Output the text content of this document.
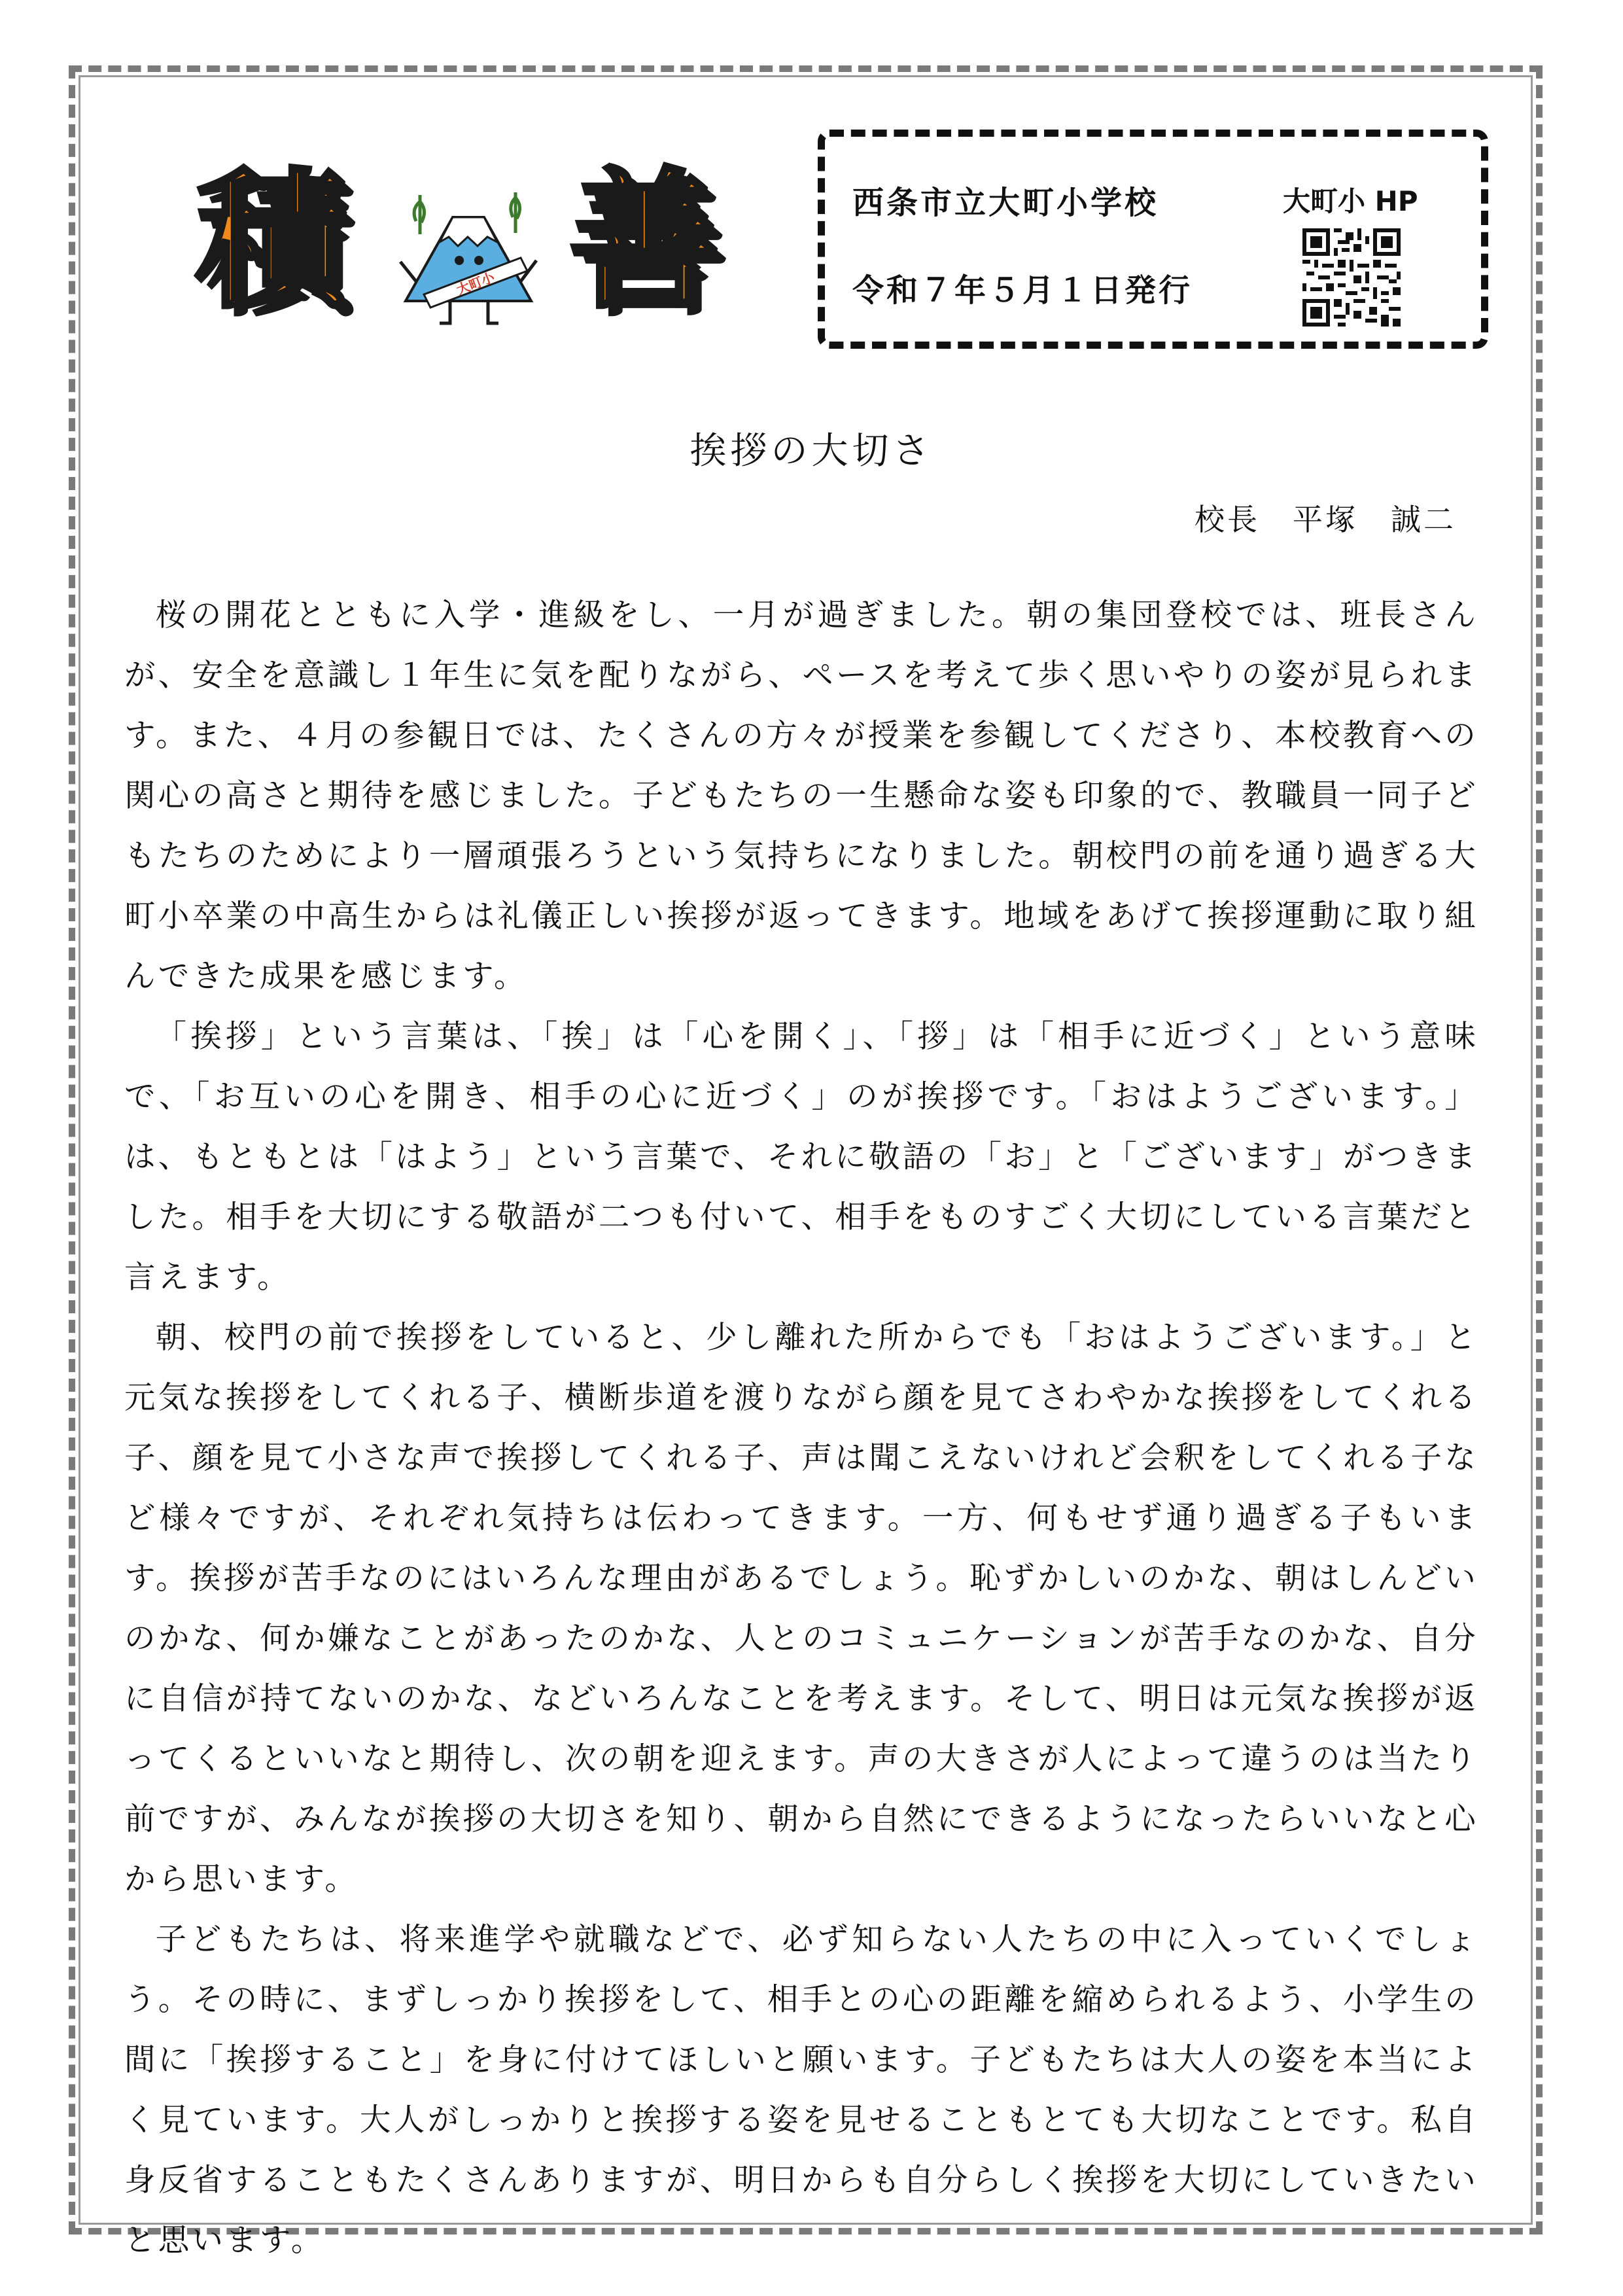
積	大町小 善	西条市立大町小学校
令和７年５月１日発行
大町小 HP
挨拶の大切さ
校長　平塚　誠二

桜の開花とともに入学・進級をし、一月が過ぎました。朝の集団登校では、班長さんが、安全を意識し１年生に気を配りながら、ペースを考えて歩く思いやりの姿が見られます。また、４月の参観日では、たくさんの方々が授業を参観してくださり、本校教育への関心の高さと期待を感じました。子どもたちの一生懸命な姿も印象的で、教職員一同子どもたちのためにより一層頑張ろうという気持ちになりました。朝校門の前を通り過ぎる大町小卒業の中高生からは礼儀正しい挨拶が返ってきます。地域をあげて挨拶運動に取り組んできた成果を感じます。

「挨拶」という言葉は、「挨」は「心を開く」、「拶」は「相手に近づく」という意味で、「お互いの心を開き、相手の心に近づく」のが挨拶です。「おはようございます。」は、もともとは「はよう」という言葉で、それに敬語の「お」と「ございます」がつきました。相手を大切にする敬語が二つも付いて、相手をものすごく大切にしている言葉だと言えます。

朝、校門の前で挨拶をしていると、少し離れた所からでも「おはようございます。」と元気な挨拶をしてくれる子、横断歩道を渡りながら顔を見てさわやかな挨拶をしてくれる子、顔を見て小さな声で挨拶してくれる子、声は聞こえないけれど会釈をしてくれる子など様々ですが、それぞれ気持ちは伝わってきます。一方、何もせず通り過ぎる子もいます。挨拶が苦手なのにはいろんな理由があるでしょう。恥ずかしいのかな、朝はしんどいのかな、何か嫌なことがあったのかな、人とのコミュニケーションが苦手なのかな、自分に自信が持てないのかな、などいろんなことを考えます。そして、明日は元気な挨拶が返ってくるといいなと期待し、次の朝を迎えます。声の大きさが人によって違うのは当たり前ですが、みんなが挨拶の大切さを知り、朝から自然にできるようになったらいいなと心から思います。

子どもたちは、将来進学や就職などで、必ず知らない人たちの中に入っていくでしょう。その時に、まずしっかり挨拶をして、相手との心の距離を縮められるよう、小学生の間に「挨拶すること」を身に付けてほしいと願います。子どもたちは大人の姿を本当によく見ています。大人がしっかりと挨拶する姿を見せることもとても大切なことです。私自身反省することもたくさんありますが、明日からも自分らしく挨拶を大切にしていきたいと思います。
